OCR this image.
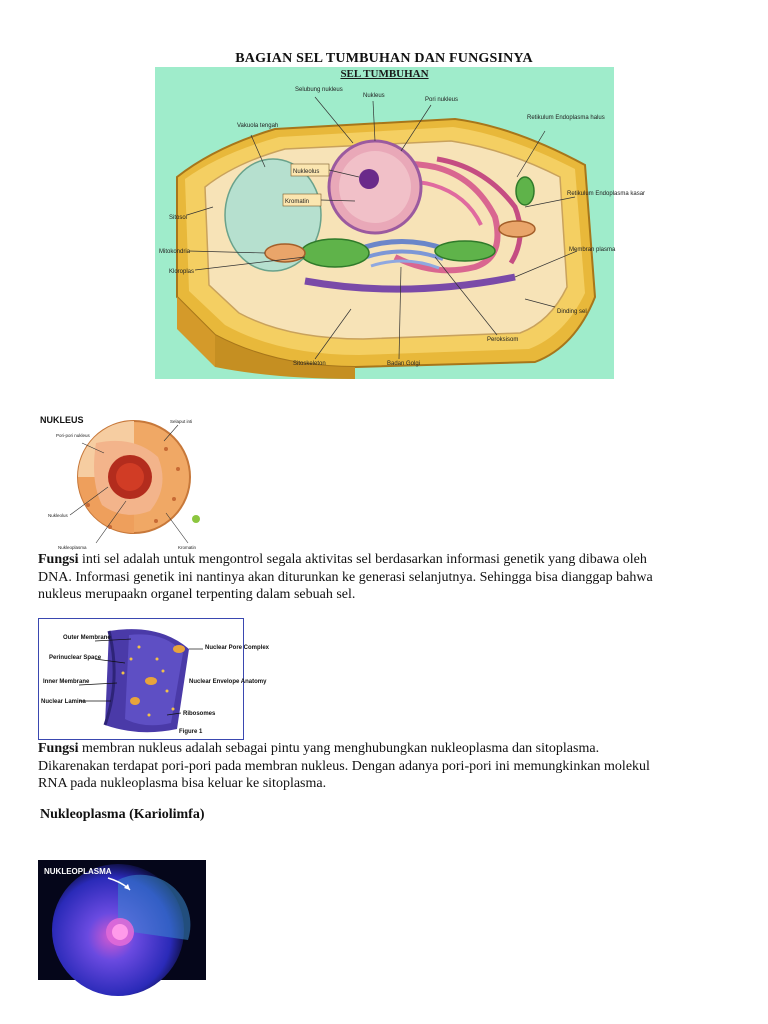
BAGIAN SEL TUMBUHAN DAN FUNGSINYA
Selubung nukleus
Nukleus
Pori nukleus
Vakuola tengah
Retikulum Endoplasma halus
Nukleolus
Kromatin
Sitosol
Retikulum Endoplasma kasar
Mitokondria	Membran plasma
Kloroplas
Dinding sel
Peroksisom
Sitoskeleton	Badan Golgi
SEL TUMBUHAN
NUKLEUS
Pori-pori nukleus
Selaput inti
Nukleolus
Nukleoplasma	Kromatin
Fungsi inti sel adalah untuk mengontrol segala aktivitas sel berdasarkan informasi genetik yang dibawa oleh
DNA. Informasi genetik ini nantinya akan diturunkan ke generasi selanjutnya. Sehingga bisa dianggap bahwa
nukleus merupaakn organel terpenting dalam sebuah sel.
Outer Membrane
Perinuclear Space
Inner Membrane
Nuclear Lamina
Nuclear Pore Complex
Nuclear Envelope Anatomy
Ribosomes
Figure 1
Fungsi membran nukleus adalah sebagai pintu yang menghubungkan nukleoplasma dan sitoplasma.
Dikarenakan terdapat pori-pori pada membran nukleus. Dengan adanya pori-pori ini memungkinkan molekul
RNA pada nukleoplasma bisa keluar ke sitoplasma.
Nukleoplasma (Kariolimfa)
NUKLEOPLASMA
